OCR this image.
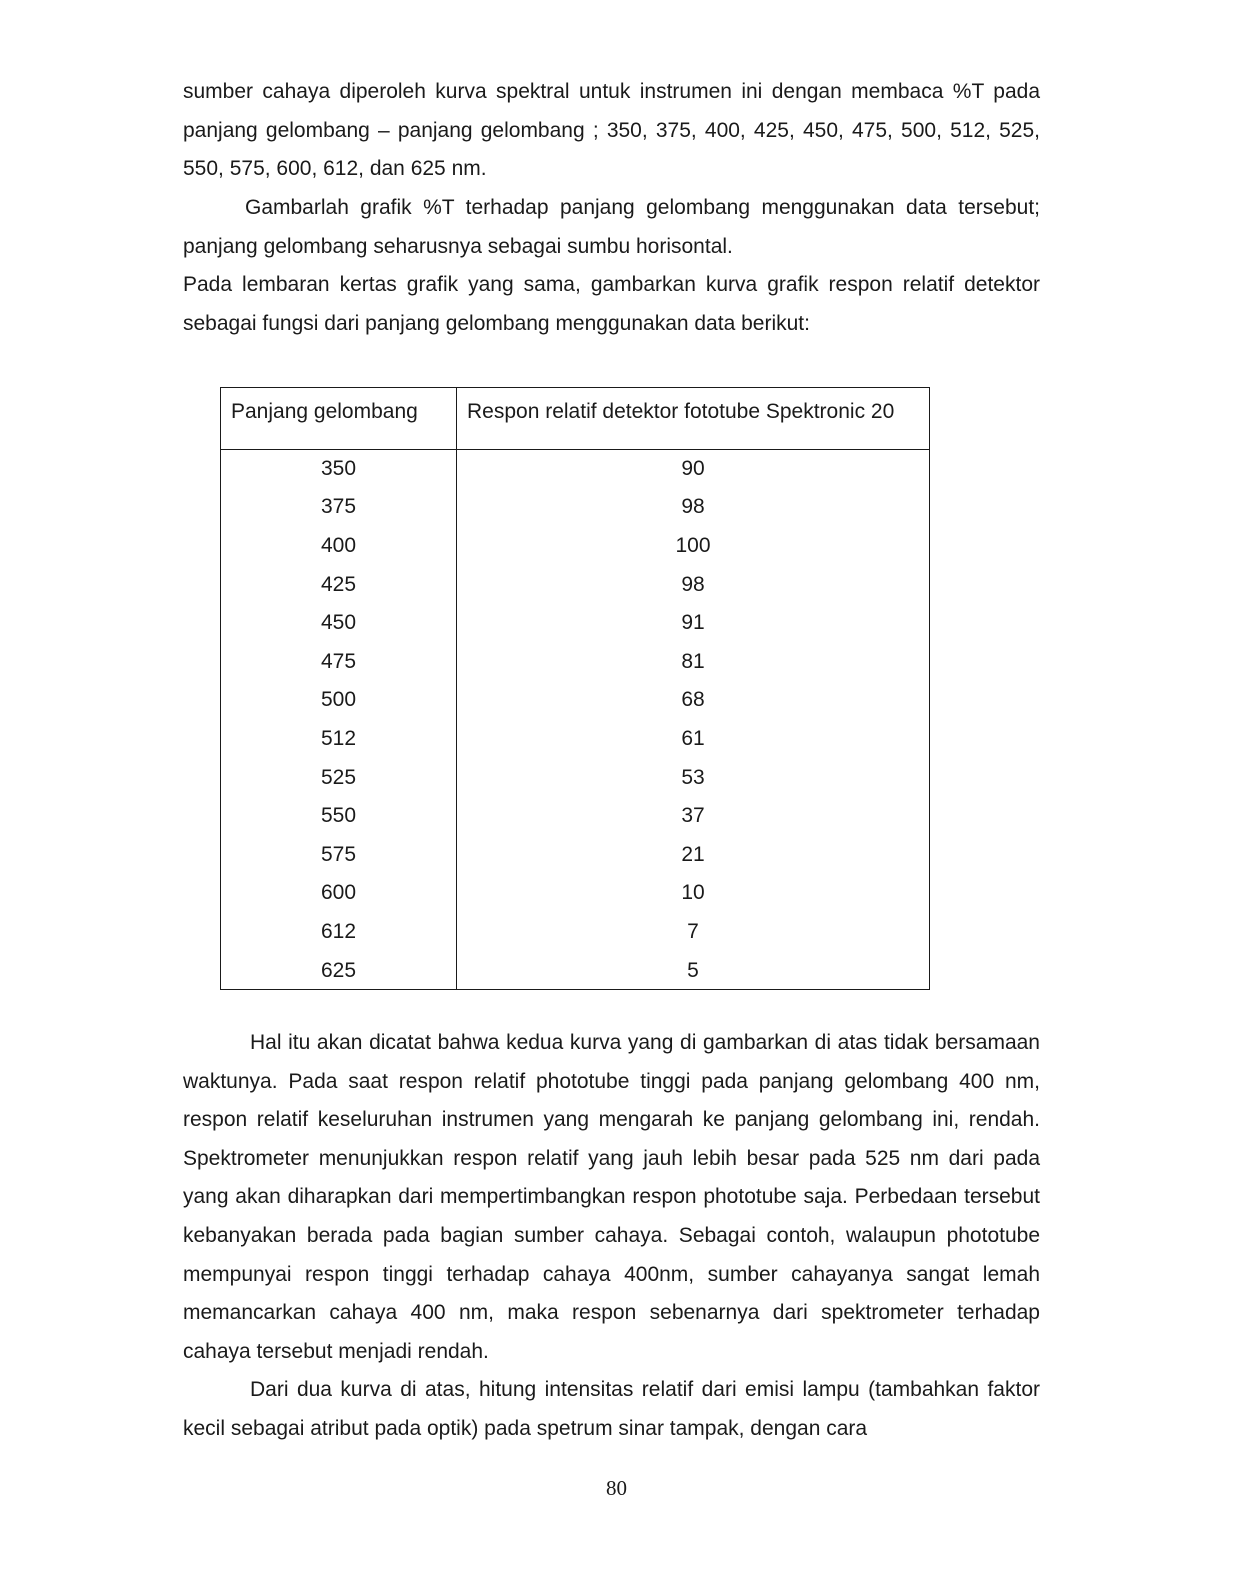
sumber cahaya diperoleh kurva spektral untuk instrumen ini dengan membaca %T pada panjang gelombang – panjang gelombang ; 350, 375, 400, 425, 450, 475, 500, 512, 525, 550, 575, 600, 612, dan 625 nm.

Gambarlah grafik %T terhadap panjang gelombang menggunakan data tersebut; panjang gelombang seharusnya sebagai sumbu horisontal.

Pada lembaran kertas grafik yang sama, gambarkan kurva grafik respon relatif detektor sebagai fungsi dari panjang gelombang menggunakan data berikut:

Panjang gelombang	Respon relatif detektor fototube Spektronic 20
350	90
375	98
400	100
425	98
450	91
475	81
500	68
512	61
525	53
550	37
575	21
600	10
612	7
625	5

Hal itu akan dicatat bahwa kedua kurva yang di gambarkan di atas tidak bersamaan waktunya. Pada saat respon relatif phototube tinggi pada panjang gelombang 400 nm, respon relatif keseluruhan instrumen yang mengarah ke panjang gelombang ini, rendah. Spektrometer menunjukkan respon relatif yang jauh lebih besar pada 525 nm dari pada yang akan diharapkan dari mempertimbangkan respon phototube saja. Perbedaan tersebut kebanyakan berada pada bagian sumber cahaya. Sebagai contoh, walaupun phototube mempunyai respon tinggi terhadap cahaya 400nm, sumber cahayanya sangat lemah memancarkan cahaya 400 nm, maka respon sebenarnya dari spektrometer terhadap cahaya tersebut menjadi rendah.

Dari dua kurva di atas, hitung intensitas relatif dari emisi lampu (tambahkan faktor kecil sebagai atribut pada optik) pada spetrum sinar tampak, dengan cara

80
